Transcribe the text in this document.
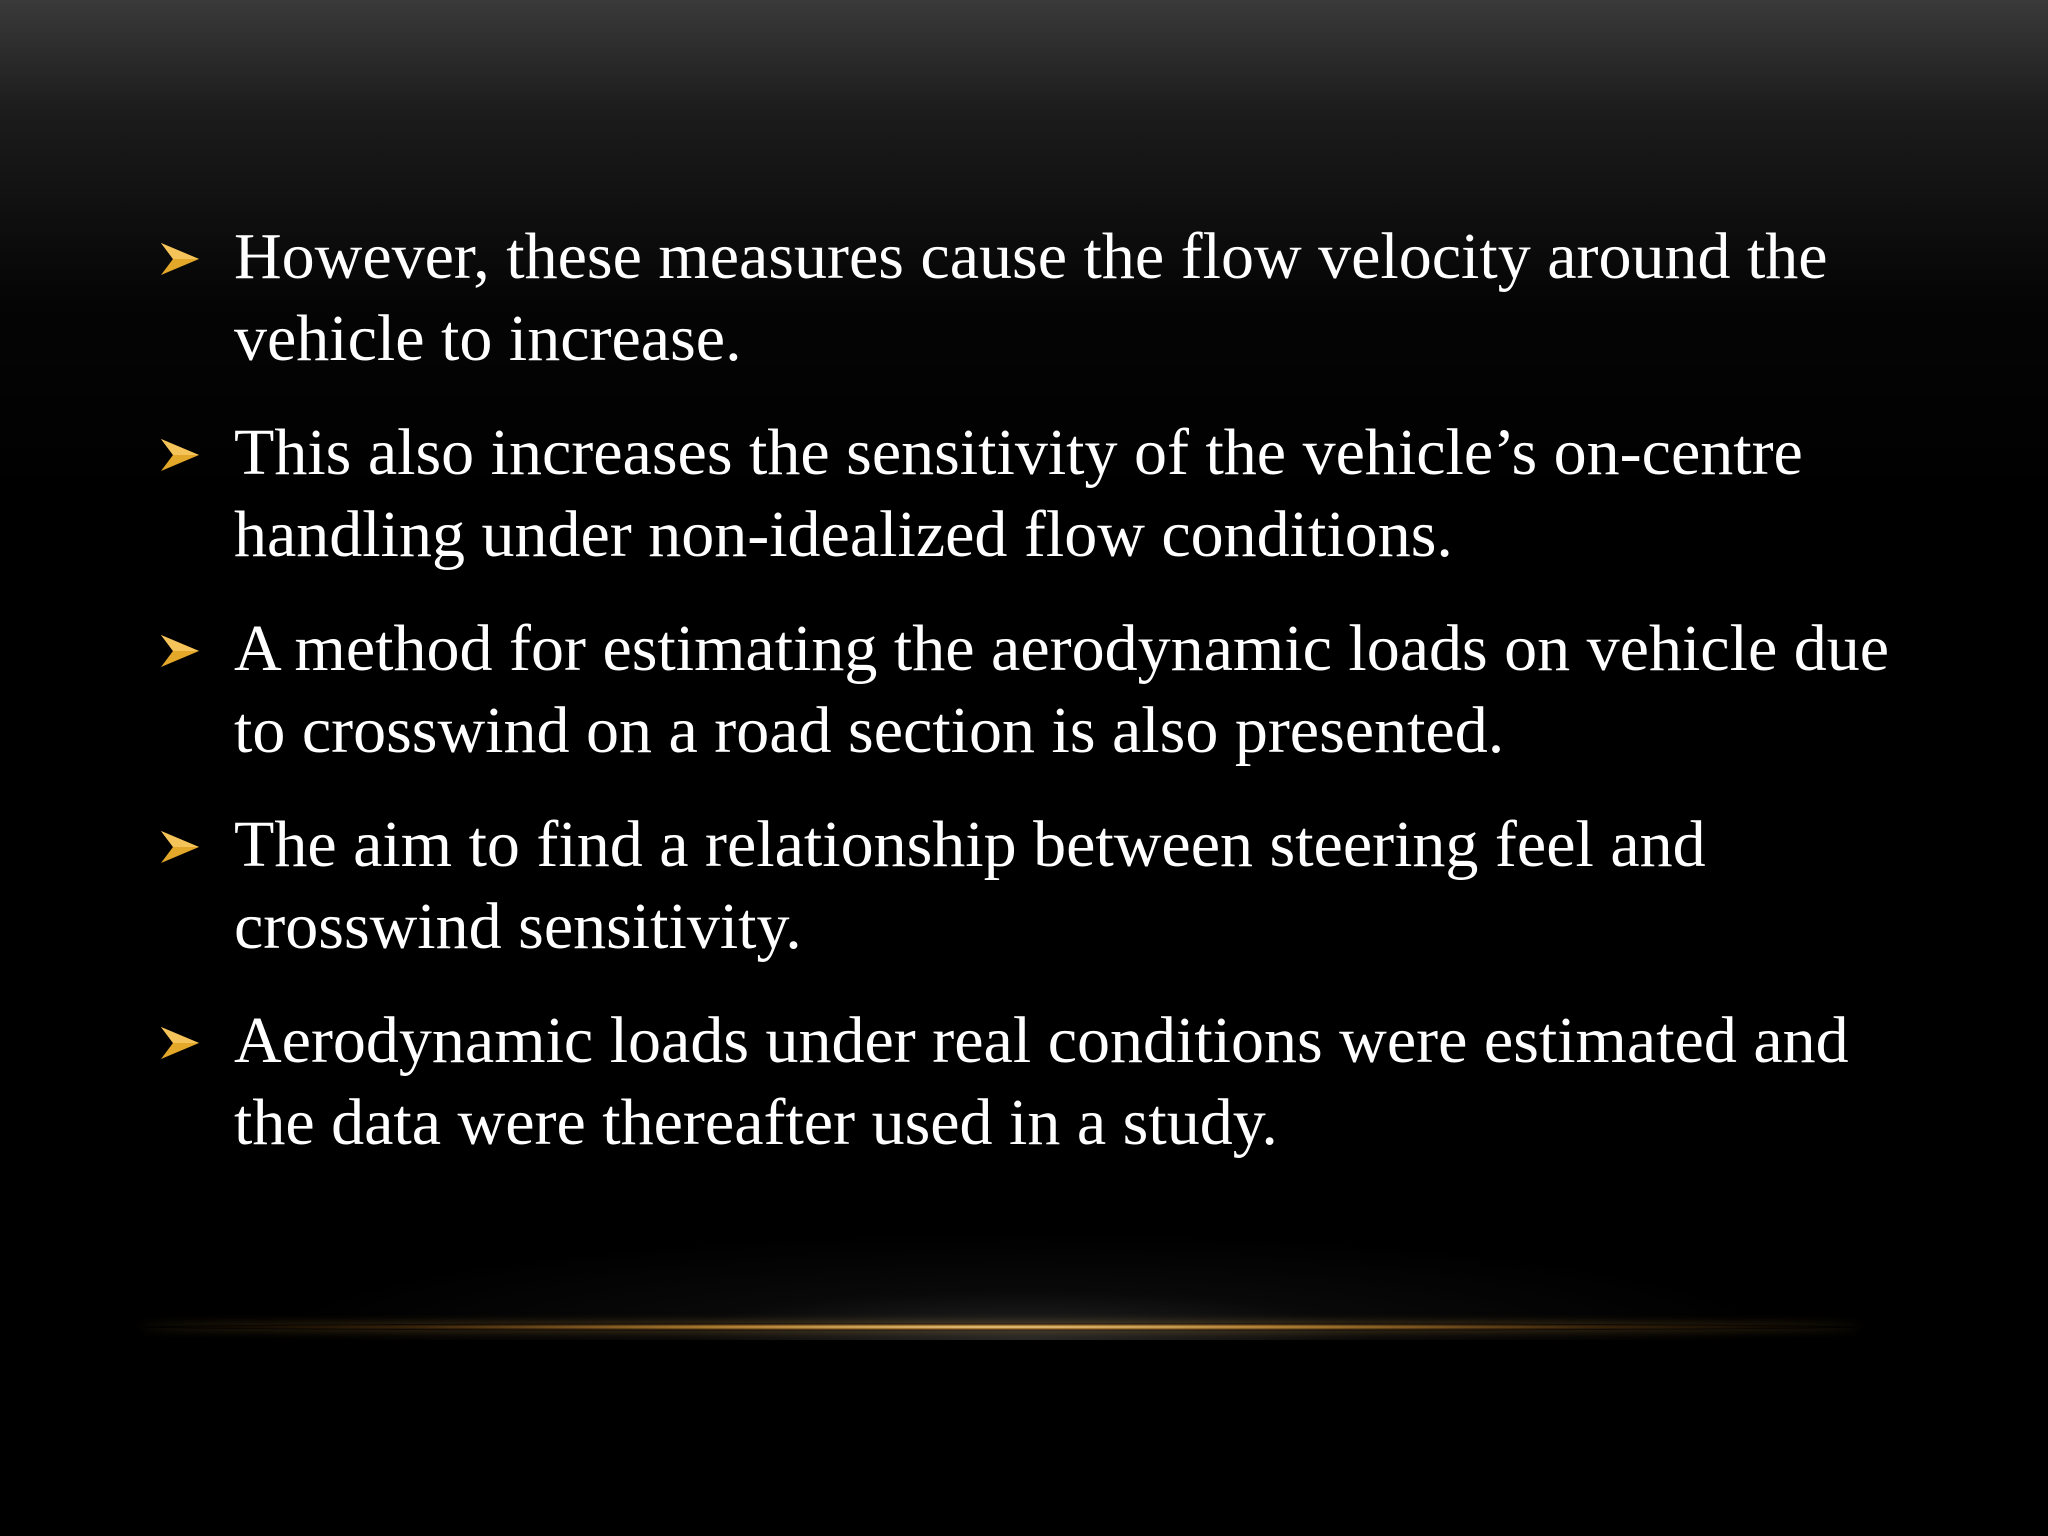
However, these measures cause the flow velocity around the vehicle to increase.
This also increases the sensitivity of the vehicle’s on-centre handling under non-idealized flow conditions.
A method for estimating the aerodynamic loads on vehicle due to crosswind on a road section is also presented.
The aim to find a relationship between steering feel and crosswind sensitivity.
Aerodynamic loads under real conditions were estimated and the data were thereafter used in a study.
